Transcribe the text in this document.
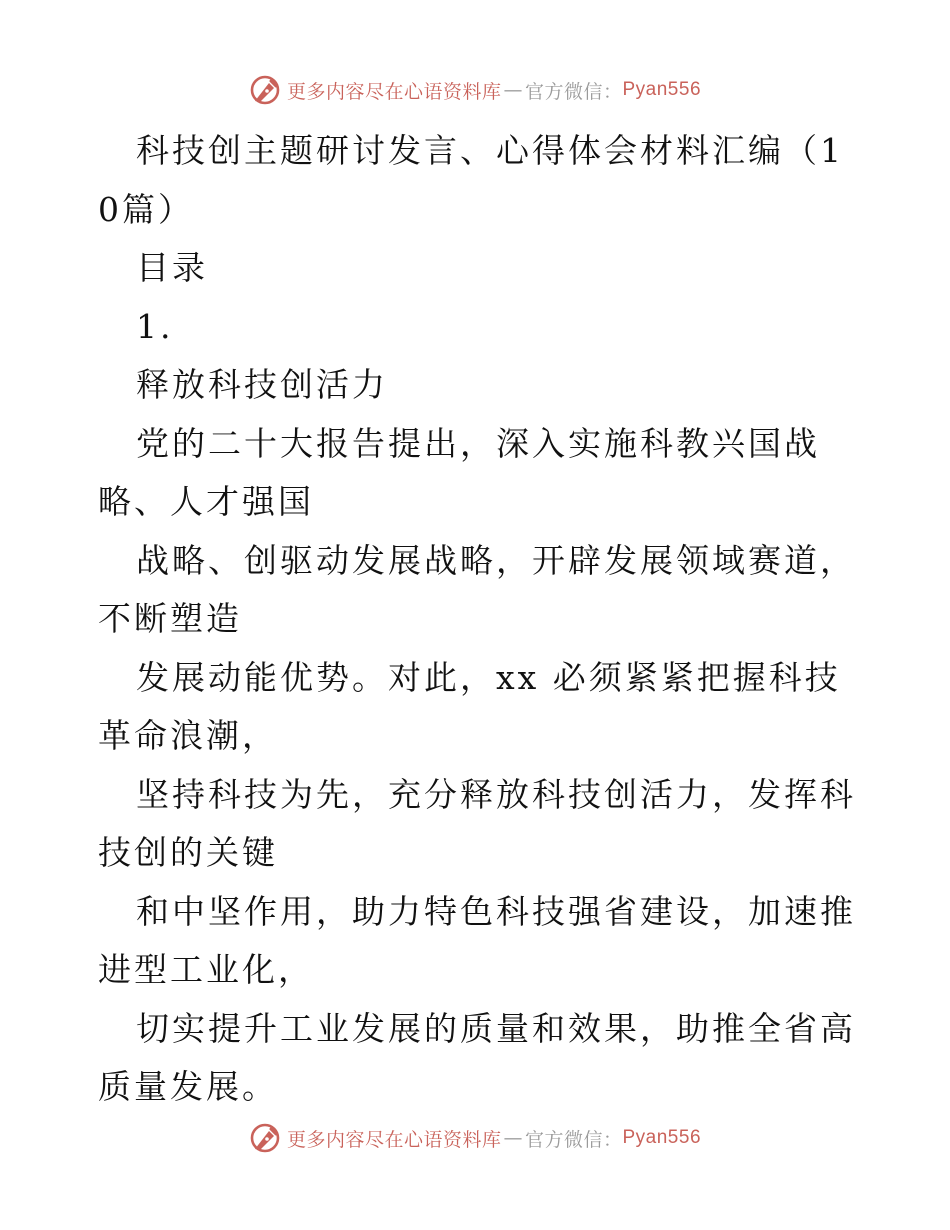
更多内容尽在心语资料库 — 官方微信： Pyan556

科技创主题研讨发言、心得体会材料汇编（10篇）

目录

1.

释放科技创活力

党的二十大报告提出，深入实施科教兴国战略、人才强国

战略、创驱动发展战略，开辟发展领域赛道，不断塑造

发展动能优势。对此，xx 必须紧紧把握科技革命浪潮，

坚持科技为先，充分释放科技创活力，发挥科技创的关键

和中坚作用，助力特色科技强省建设，加速推进型工业化，

切实提升工业发展的质量和效果，助推全省高质量发展。

更多内容尽在心语资料库 — 官方微信： Pyan556
